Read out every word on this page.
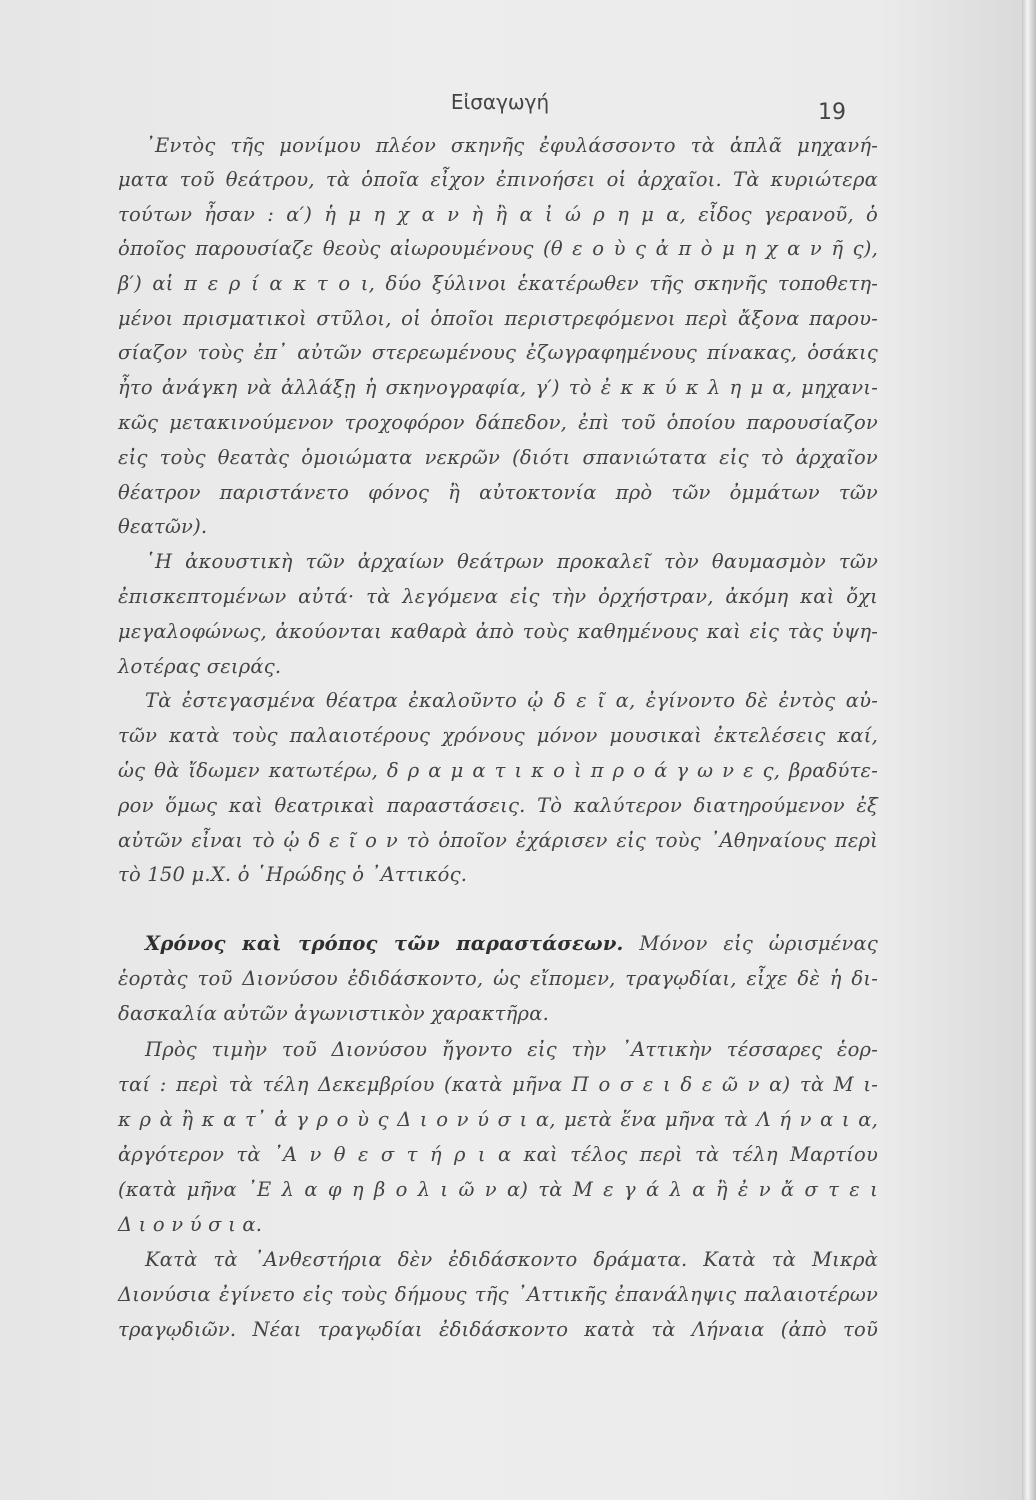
Εἰσαγωγή	19
᾿Εντὸς τῆς μονίμου πλέον σκηνῆς ἐφυλάσσοντο τὰ ἁπλᾶ μηχανή-
ματα τοῦ θεάτρου, τὰ ὁποῖα εἶχον ἐπινοήσει οἱ ἀρχαῖοι. Τὰ κυριώτερα
τούτων ἦσαν : α′) ἡ μ η χ α ν ὴ ἢ α ἰ ώ ρ η μ α, εἶδος γερανοῦ, ὁ
ὁποῖος παρουσίαζε θεοὺς αἰωρουμένους (θ ε ο ὺ ς ἀ π ὸ μ η χ α ν ῆ ς),
β′) αἱ π ε ρ ί α κ τ ο ι, δύο ξύλινοι ἑκατέρωθεν τῆς σκηνῆς τοποθετη-
μένοι πρισματικοὶ στῦλοι, οἱ ὁποῖοι περιστρεφόμενοι περὶ ἄξονα παρου-
σίαζον τοὺς ἐπ᾿ αὐτῶν στερεωμένους ἐζωγραφημένους πίνακας, ὁσάκις
ἦτο ἀνάγκη νὰ ἀλλάξῃ ἡ σκηνογραφία, γ′) τὸ ἐ κ κ ύ κ λ η μ α, μηχανι-
κῶς μετακινούμενον τροχοφόρον δάπεδον, ἐπὶ τοῦ ὁποίου παρουσίαζον
εἰς τοὺς θεατὰς ὁμοιώματα νεκρῶν (διότι σπανιώτατα εἰς τὸ ἀρχαῖον
θέατρον παριστάνετο φόνος ἢ αὐτοκτονία πρὸ τῶν ὀμμάτων τῶν
θεατῶν).
῾Η ἀκουστικὴ τῶν ἀρχαίων θεάτρων προκαλεῖ τὸν θαυμασμὸν τῶν
ἐπισκεπτομένων αὐτά· τὰ λεγόμενα εἰς τὴν ὀρχήστραν, ἀκόμη καὶ ὄχι
μεγαλοφώνως, ἀκούονται καθαρὰ ἀπὸ τοὺς καθημένους καὶ εἰς τὰς ὑψη-
λοτέρας σειράς.
Τὰ ἐστεγασμένα θέατρα ἐκαλοῦντο ᾠ δ ε ῖ α, ἐγίνοντο δὲ ἐντὸς αὐ-
τῶν κατὰ τοὺς παλαιοτέρους χρόνους μόνον μουσικαὶ ἐκτελέσεις καί,
ὡς θὰ ἴδωμεν κατωτέρω, δ ρ α μ α τ ι κ ο ὶ π ρ ο ά γ ω ν ε ς, βραδύτε-
ρον ὅμως καὶ θεατρικαὶ παραστάσεις. Τὸ καλύτερον διατηρούμενον ἐξ
αὐτῶν εἶναι τὸ ᾠ δ ε ῖ ο ν τὸ ὁποῖον ἐχάρισεν εἰς τοὺς ᾿Αθηναίους περὶ
τὸ 150 μ.Χ. ὁ ῾Ηρώδης ὁ ᾿Αττικός.
Χρόνος καὶ τρόπος τῶν παραστάσεων. Μόνον εἰς ὡρισμένας
ἑορτὰς τοῦ Διονύσου ἐδιδάσκοντο, ὡς εἴπομεν, τραγῳδίαι, εἶχε δὲ ἡ δι-
δασκαλία αὐτῶν ἀγωνιστικὸν χαρακτῆρα.
Πρὸς τιμὴν τοῦ Διονύσου ἤγοντο εἰς τὴν ᾿Αττικὴν τέσσαρες ἑορ-
ταί : περὶ τὰ τέλη Δεκεμβρίου (κατὰ μῆνα Π ο σ ε ι δ ε ῶ ν α) τὰ Μ ι-
κ ρ ὰ ἢ κ α τ᾿ ἀ γ ρ ο ὺ ς Δ ι ο ν ύ σ ι α, μετὰ ἕνα μῆνα τὰ Λ ή ν α ι α,
ἀργότερον τὰ ᾿Α ν θ ε σ τ ή ρ ι α καὶ τέλος περὶ τὰ τέλη Μαρτίου
(κατὰ μῆνα ᾿Ε λ α φ η β ο λ ι ῶ ν α) τὰ Μ ε γ ά λ α ἢ ἐ ν ἄ σ τ ε ι
Δ ι ο ν ύ σ ι α.
Κατὰ τὰ ᾿Ανθεστήρια δὲν ἐδιδάσκοντο δράματα. Κατὰ τὰ Μικρὰ
Διονύσια ἐγίνετο εἰς τοὺς δήμους τῆς ᾿Αττικῆς ἐπανάληψις παλαιοτέρων
τραγῳδιῶν. Νέαι τραγῳδίαι ἐδιδάσκοντο κατὰ τὰ Λήναια (ἀπὸ τοῦ
